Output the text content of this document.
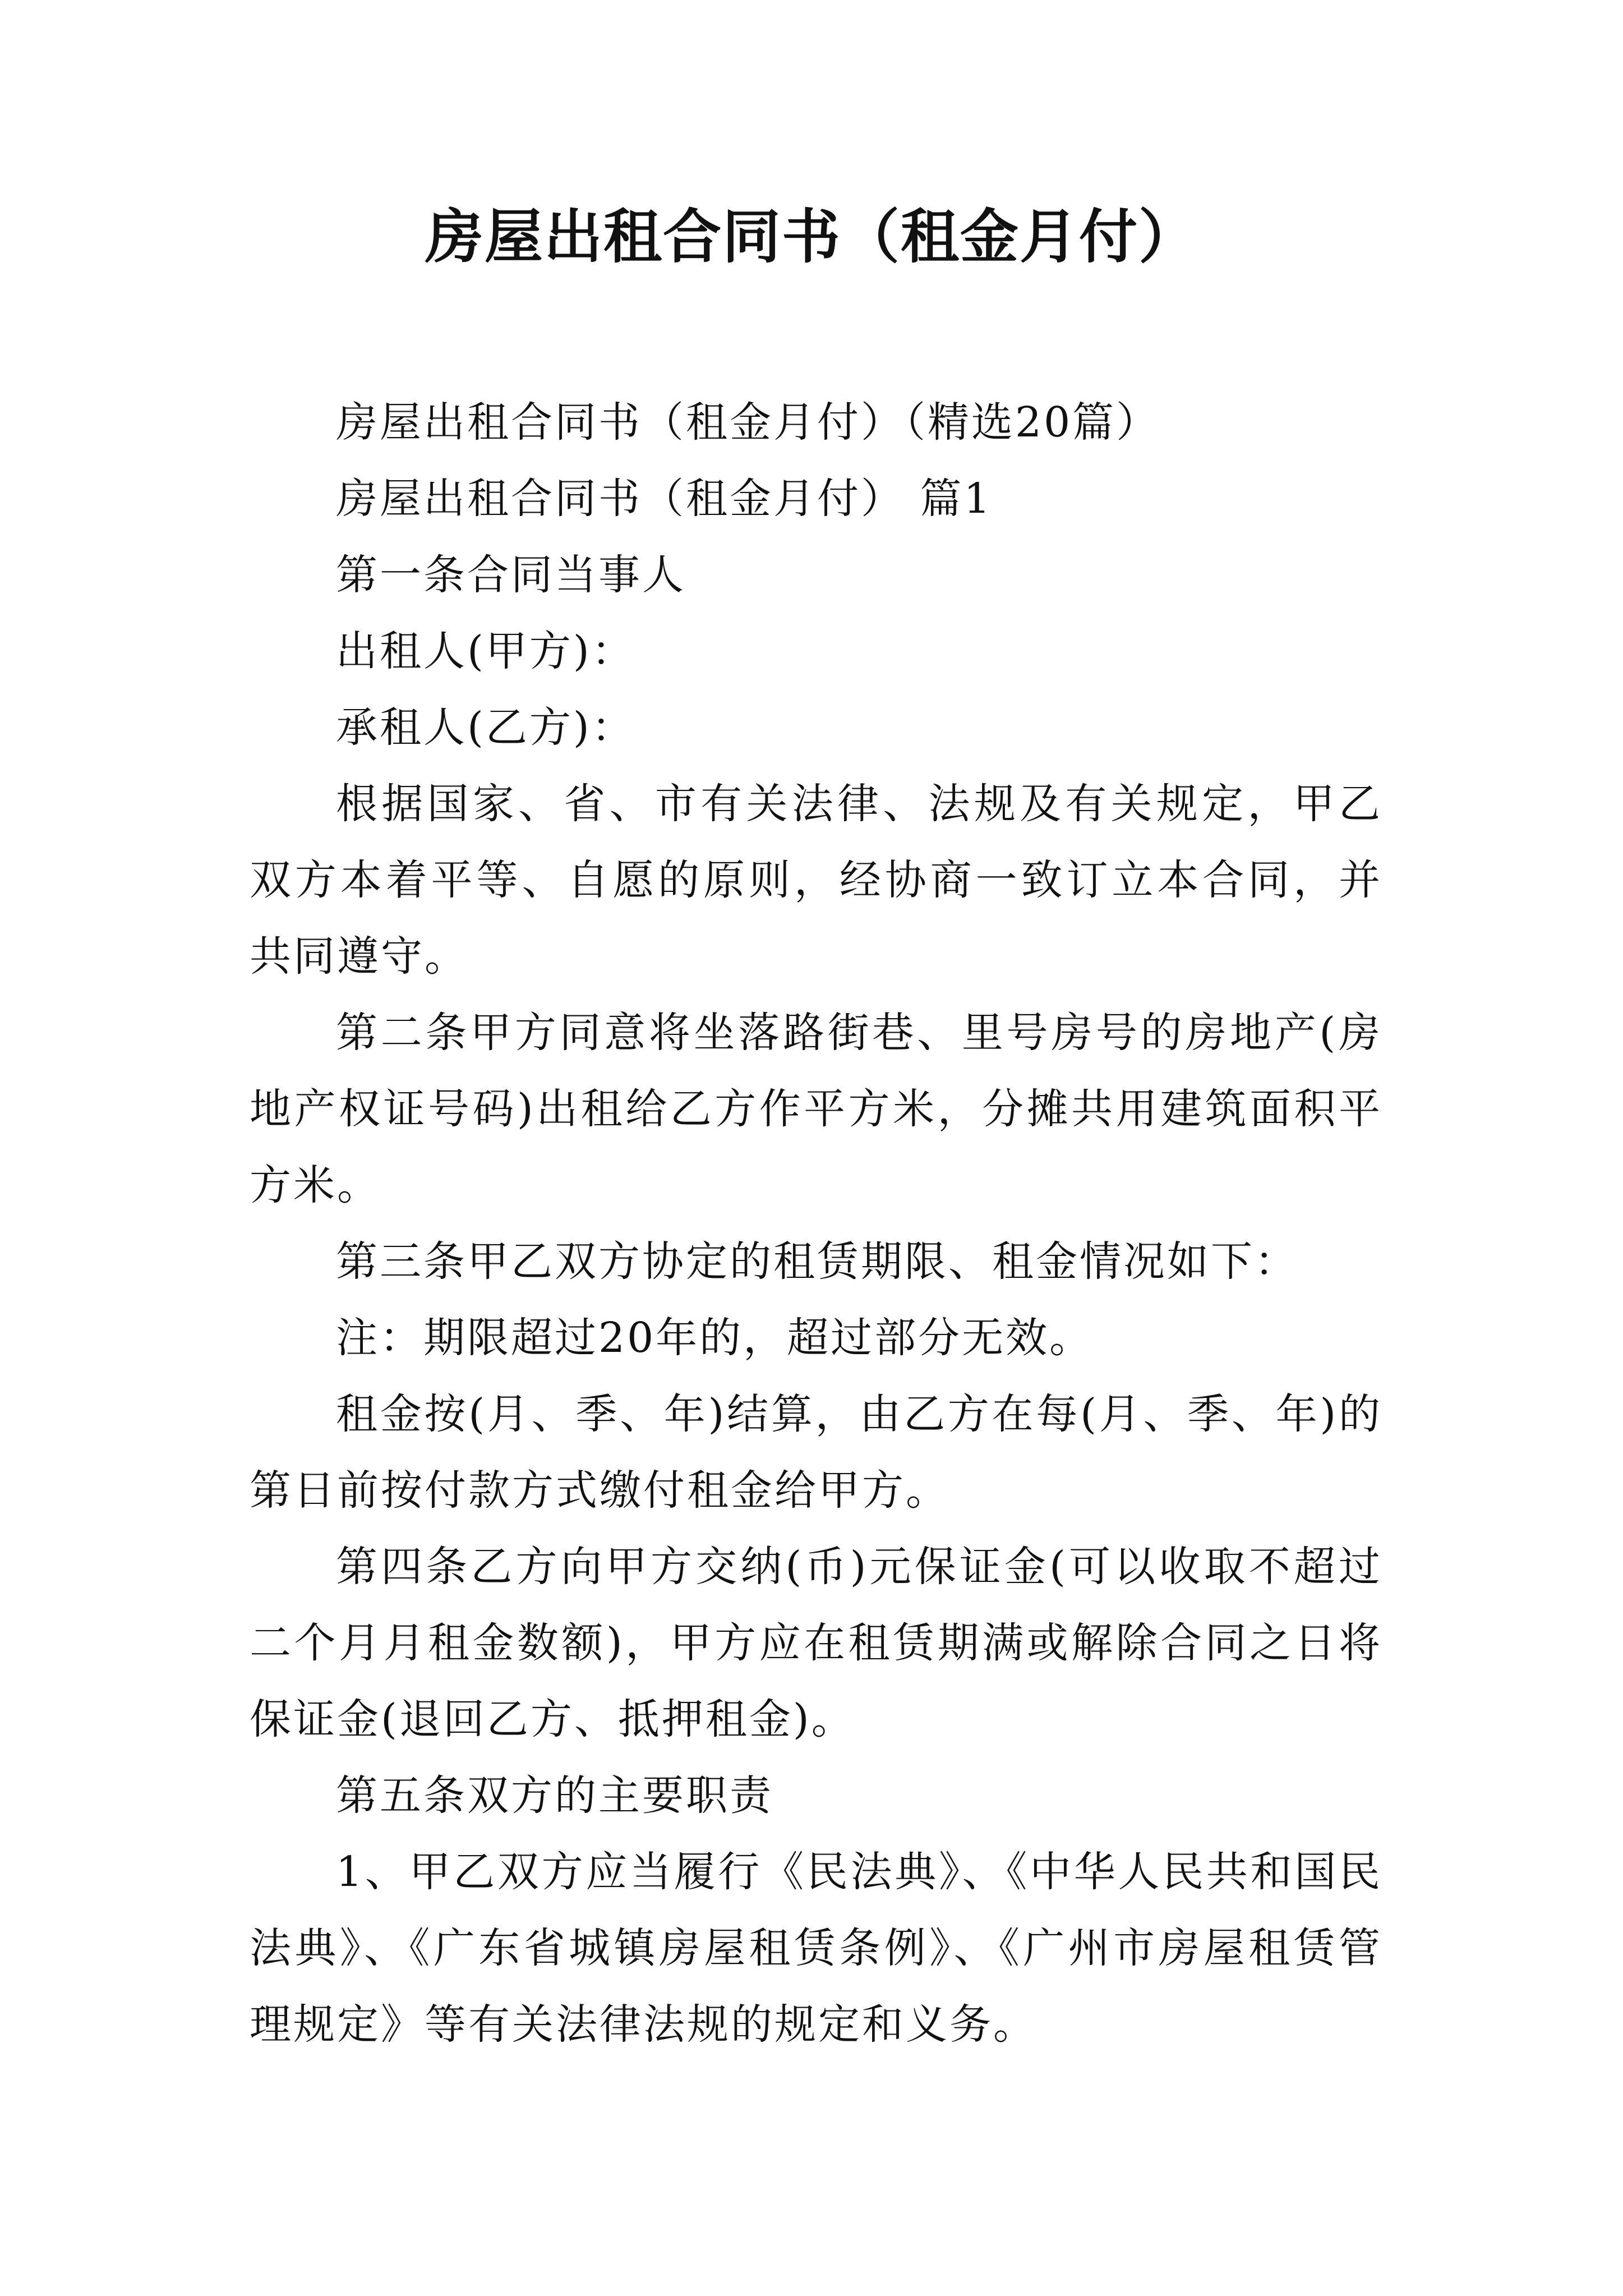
房屋出租合同书（租金月付）

房屋出租合同书（租金月付）（精选20篇）

房屋出租合同书（租金月付） 篇1

第一条合同当事人

出租人(甲方)：

承租人(乙方)：

根据国家、省、市有关法律、法规及有关规定，甲乙双方本着平等、自愿的原则，经协商一致订立本合同，并共同遵守。

第二条甲方同意将坐落路街巷、里号房号的房地产(房地产权证号码)出租给乙方作平方米，分摊共用建筑面积平方米。

第三条甲乙双方协定的租赁期限、租金情况如下：

注：期限超过20年的，超过部分无效。

租金按(月、季、年)结算，由乙方在每(月、季、年)的第日前按付款方式缴付租金给甲方。

第四条乙方向甲方交纳(币)元保证金(可以收取不超过二个月月租金数额)，甲方应在租赁期满或解除合同之日将保证金(退回乙方、抵押租金)。

第五条双方的主要职责

1、甲乙双方应当履行《民法典》、《中华人民共和国民法典》、《广东省城镇房屋租赁条例》、《广州市房屋租赁管理规定》等有关法律法规的规定和义务。
